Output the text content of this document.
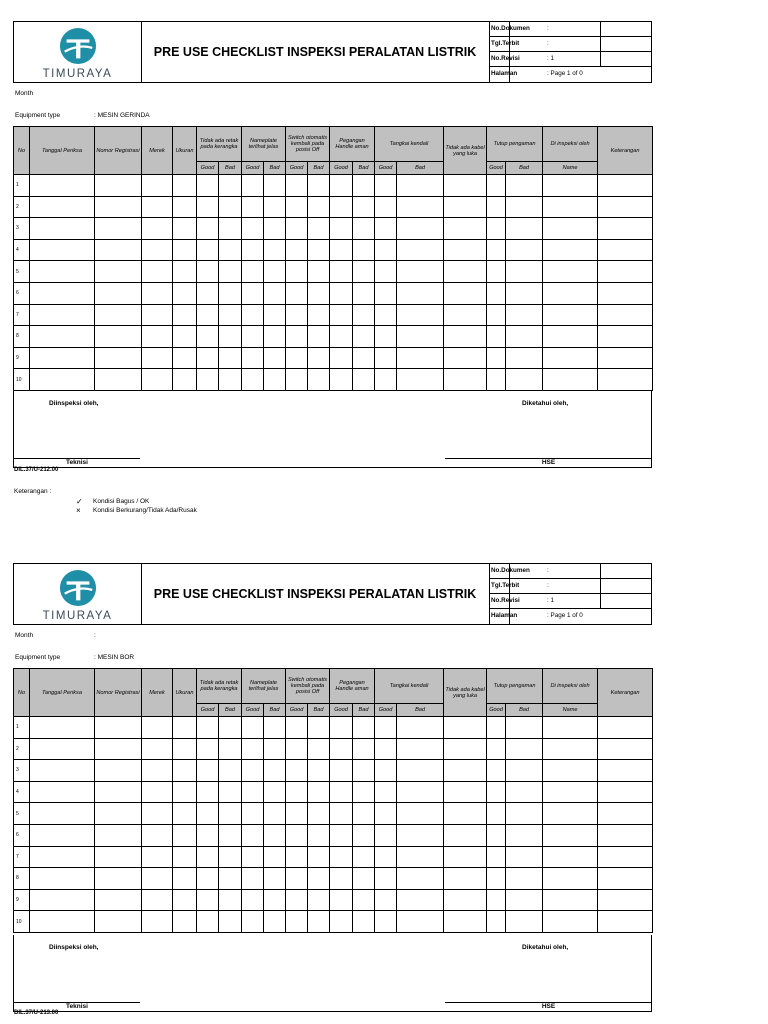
TIMURAYA
PRE USE CHECKLIST INSPEKSI PERALATAN LISTRIK
No.Dokumen	:
Tgl.Terbit	:
No.Revisi	: 1
Halaman	: Page 1 of 0
Month
Equipment type	: MESIN GERINDA
No	Tanggal Periksa	Nomor Registrasi	Merek	Ukuran	Tidak ada retak pada kerangka		Nameplate terlihat jelas		Switch otomatis kembali pada posisi Off		Pegangan Handle aman		Tangkai kendali		Tidak ada kabel yang luka	Tutup pengaman		Di inspeksi oleh	Keterangan
					Good	Bad	Good	Bad	Good	Bad	Good	Bad	Good	Bad		Good	Bad	Name	
1																			
2																			
3																			
4																			
5																			
6																			
7																			
8																			
9																			
10																			
Diinspeksi oleh,	Diketahui oleh,
Teknisi	HSE
DIL.37/U-212.00
Keterangan :
✓ Kondisi Bagus / OK
× Kondisi Berkurang/Tidak Ada/Rusak
TIMURAYA
PRE USE CHECKLIST INSPEKSI PERALATAN LISTRIK
No.Dokumen	:
Tgl.Terbit	:
No.Revisi	: 1
Halaman	: Page 1 of 0
Month	:
Equipment type	: MESIN BOR
No	Tanggal Periksa	Nomor Registrasi	Merek	Ukuran	Tidak ada retak pada kerangka		Nameplate terlihat jelas		Switch otomatis kembali pada posisi Off		Pegangan Handle aman		Tangkai kendali		Tidak ada kabel yang luka	Tutup pengaman		Di inspeksi oleh	Keterangan
					Good	Bad	Good	Bad	Good	Bad	Good	Bad	Good	Bad		Good	Bad	Name	
1																			
2																			
3																			
4																			
5																			
6																			
7																			
8																			
9																			
10																			
Diinspeksi oleh,	Diketahui oleh,
Teknisi	HSE
DIL.37/U-213.00
